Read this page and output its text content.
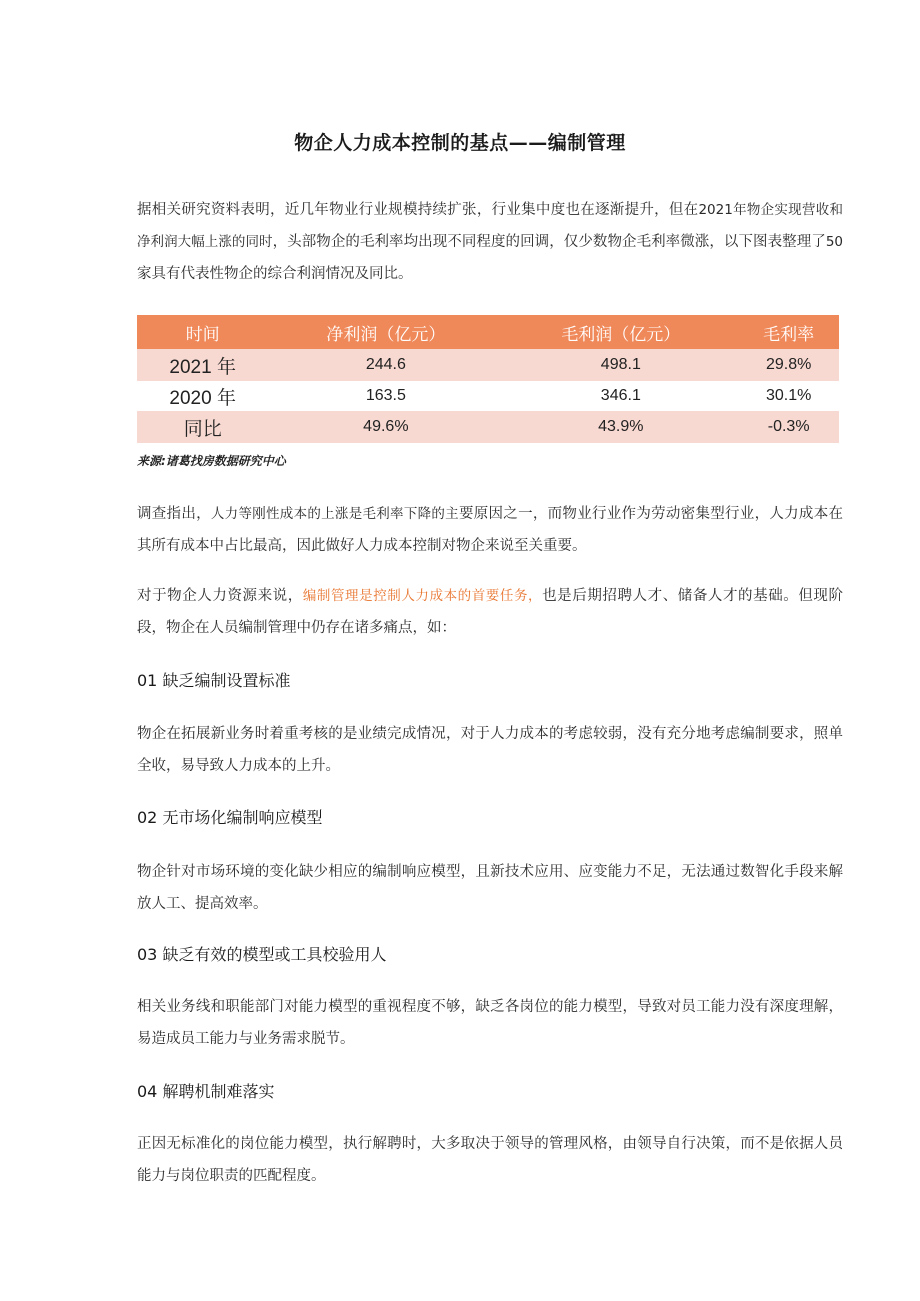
物企人力成本控制的基点——编制管理

据相关研究资料表明，近几年物业行业规模持续扩张，行业集中度也在逐渐提升，但在2021年物企实现营收和净利润大幅上涨的同时，头部物企的毛利率均出现不同程度的回调，仅少数物企毛利率微涨，以下图表整理了50家具有代表性物企的综合利润情况及同比。

时间	净利润（亿元）	毛利润（亿元）	毛利率
2021 年	244.6	498.1	29.8%
2020 年	163.5	346.1	30.1%
同比	49.6%	43.9%	-0.3%
来源:诸葛找房数据研究中心

调查指出，人力等刚性成本的上涨是毛利率下降的主要原因之一，而物业行业作为劳动密集型行业，人力成本在其所有成本中占比最高，因此做好人力成本控制对物企来说至关重要。

对于物企人力资源来说，编制管理是控制人力成本的首要任务，也是后期招聘人才、储备人才的基础。但现阶段，物企在人员编制管理中仍存在诸多痛点，如：

01 缺乏编制设置标准

物企在拓展新业务时着重考核的是业绩完成情况，对于人力成本的考虑较弱，没有充分地考虑编制要求，照单全收，易导致人力成本的上升。

02 无市场化编制响应模型

物企针对市场环境的变化缺少相应的编制响应模型，且新技术应用、应变能力不足，无法通过数智化手段来解放人工、提高效率。

03 缺乏有效的模型或工具校验用人

相关业务线和职能部门对能力模型的重视程度不够，缺乏各岗位的能力模型，导致对员工能力没有深度理解，易造成员工能力与业务需求脱节。

04 解聘机制难落实

正因无标准化的岗位能力模型，执行解聘时，大多取决于领导的管理风格，由领导自行决策，而不是依据人员能力与岗位职责的匹配程度。
